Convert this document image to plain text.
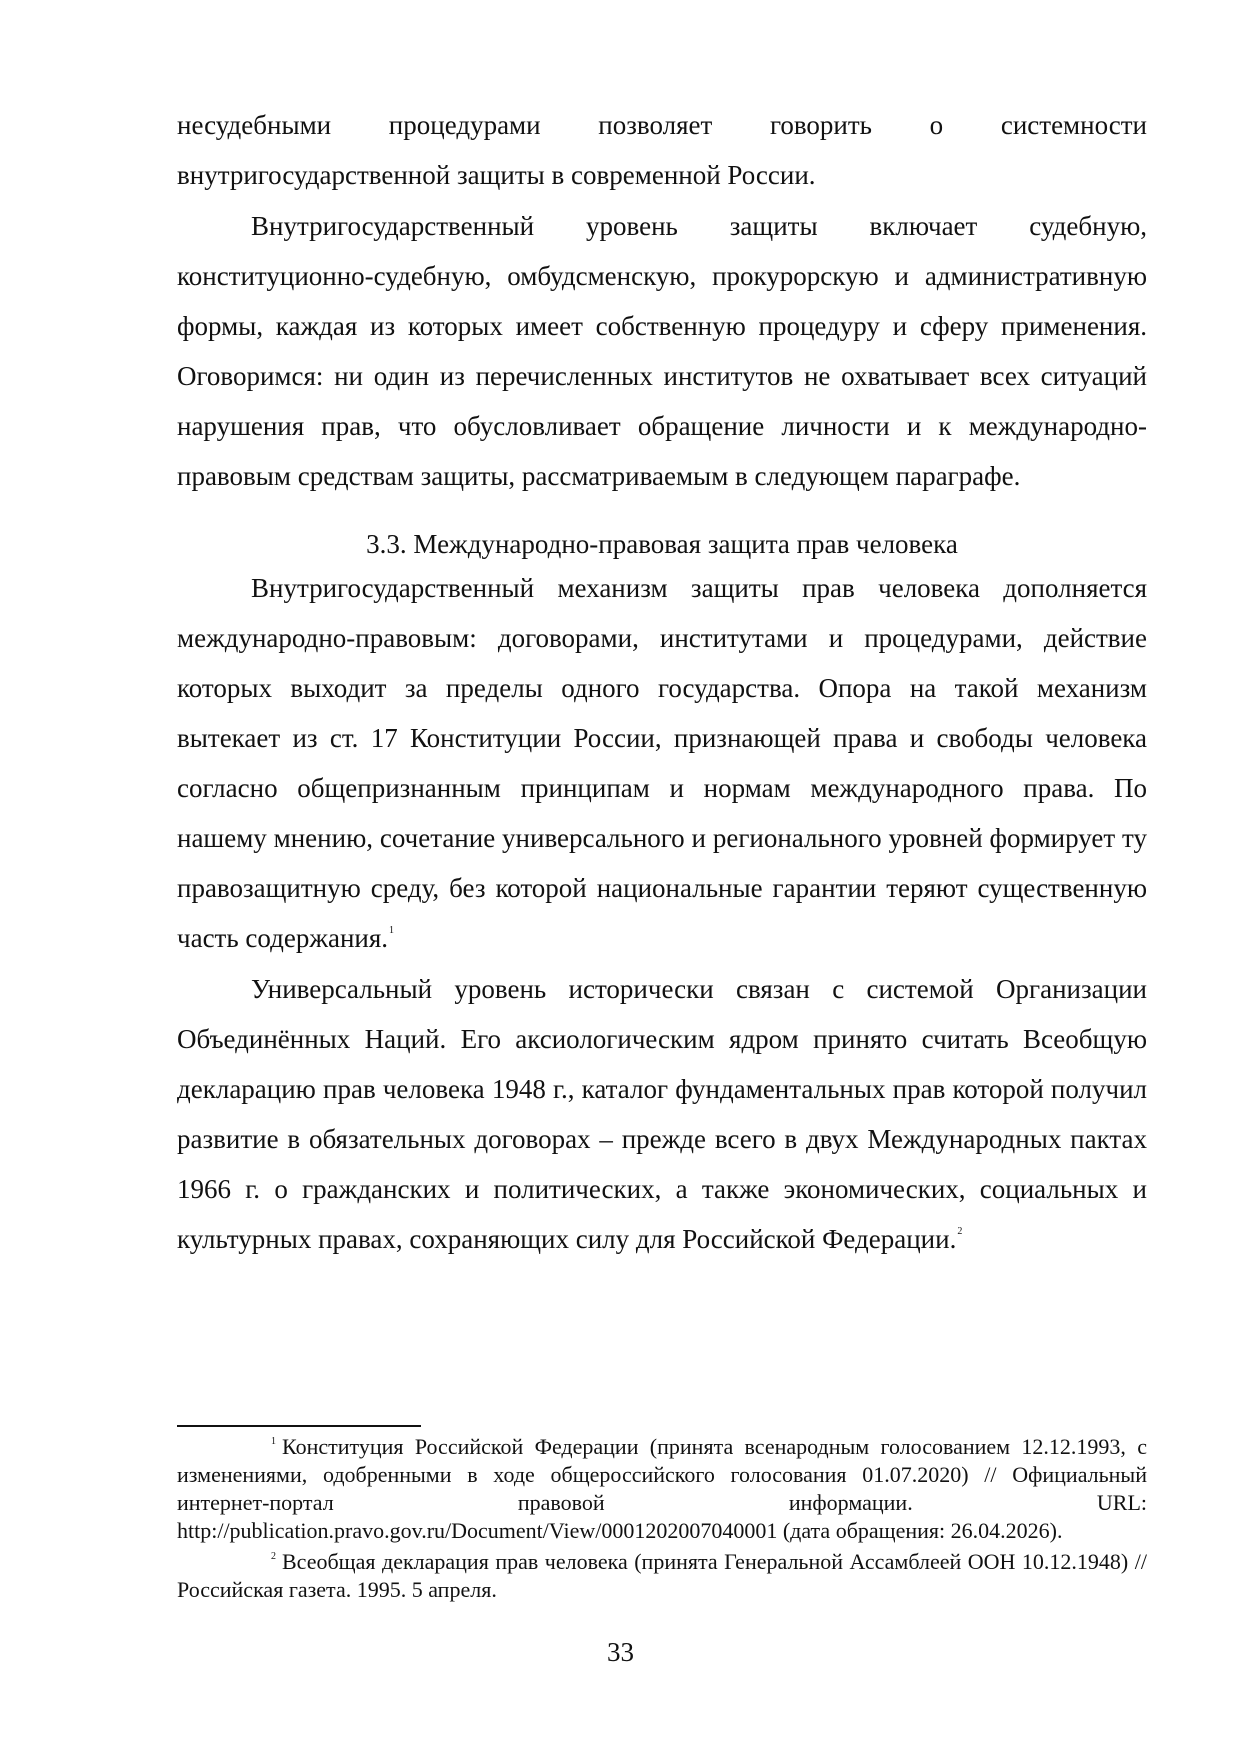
несудебными процедурами позволяет говорить о системности внутригосударственной защиты в современной России.

Внутригосударственный уровень защиты включает судебную, конституционно-судебную, омбудсменскую, прокурорскую и административную формы, каждая из которых имеет собственную процедуру и сферу применения. Оговоримся: ни один из перечисленных институтов не охватывает всех ситуаций нарушения прав, что обусловливает обращение личности и к международно-правовым средствам защиты, рассматриваемым в следующем параграфе.

3.3. Международно-правовая защита прав человека

Внутригосударственный механизм защиты прав человека дополняется международно-правовым: договорами, институтами и процедурами, действие которых выходит за пределы одного государства. Опора на такой механизм вытекает из ст. 17 Конституции России, признающей права и свободы человека согласно общепризнанным принципам и нормам международного права. По нашему мнению, сочетание универсального и регионального уровней формирует ту правозащитную среду, без которой национальные гарантии теряют существенную часть содержания.$^1$

Универсальный уровень исторически связан с системой Организации Объединённых Наций. Его аксиологическим ядром принято считать Всеобщую декларацию прав человека 1948 г., каталог фундаментальных прав которой получил развитие в обязательных договорах – прежде всего в двух Международных пактах 1966 г. о гражданских и политических, а также экономических, социальных и культурных правах, сохраняющих силу для Российской Федерации.$^2$

$^1$ Конституция Российской Федерации (принята всенародным голосованием 12.12.1993, с изменениями, одобренными в ходе общероссийского голосования 01.07.2020) // Официальный интернет-портал правовой информации. URL: http://publication.pravo.gov.ru/Document/View/0001202007040001 (дата обращения: 26.04.2026).

$^2$ Всеобщая декларация прав человека (принята Генеральной Ассамблеей ООН 10.12.1948) // Российская газета. 1995. 5 апреля.

33
